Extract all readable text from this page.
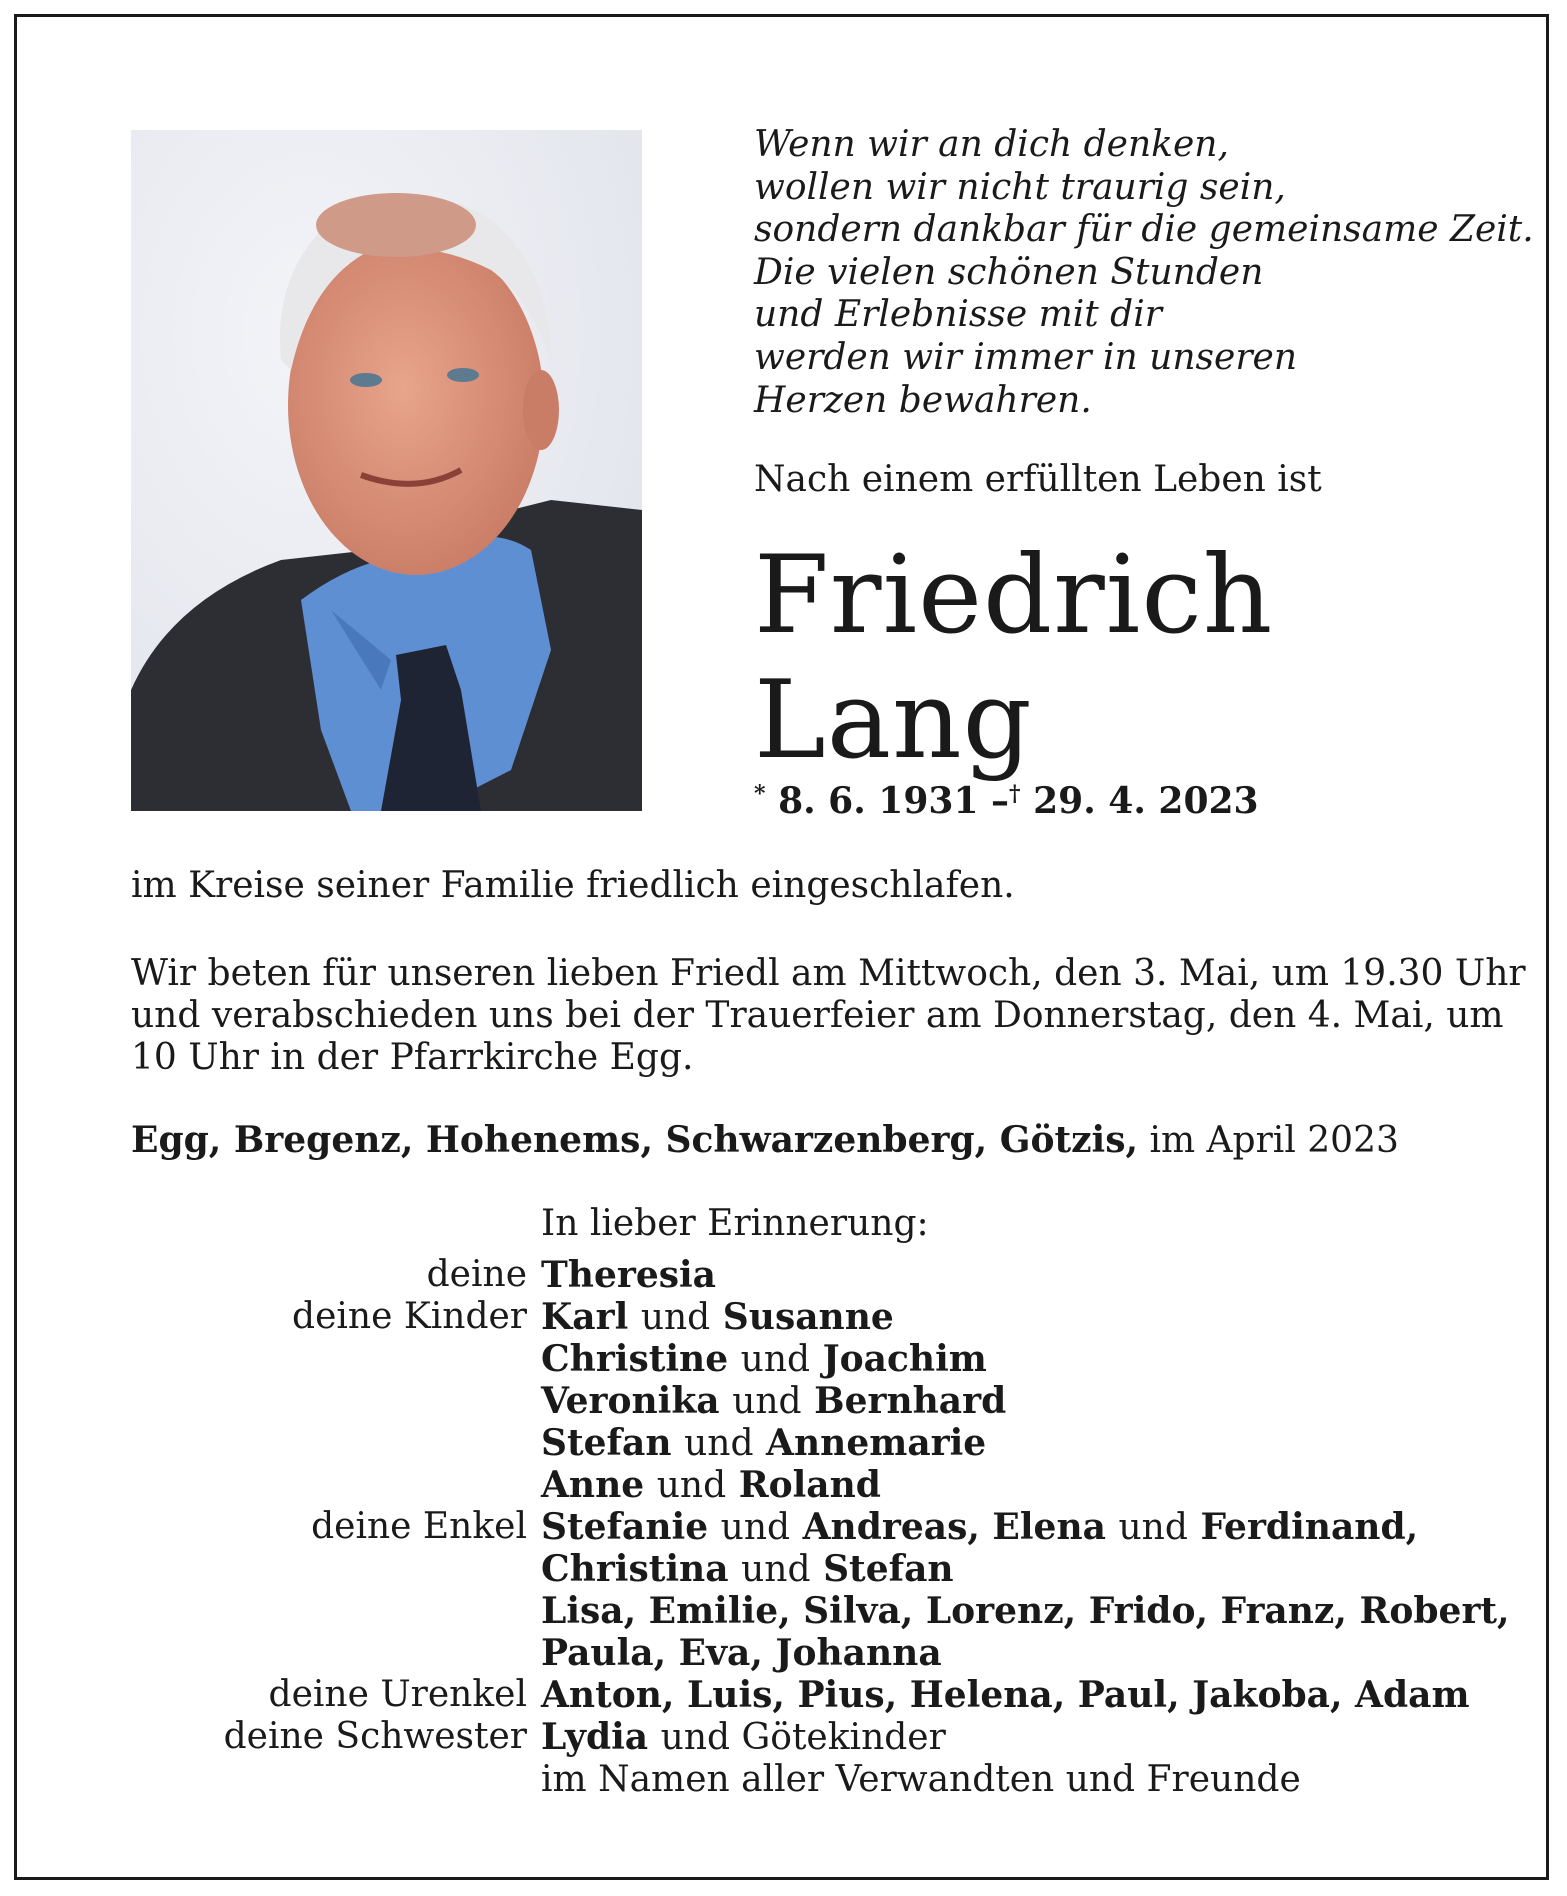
Wenn wir an dich denken,
wollen wir nicht traurig sein,
sondern dankbar für die gemeinsame Zeit.
Die vielen schönen Stunden
und Erlebnisse mit dir
werden wir immer in unseren
Herzen bewahren.
Nach einem erfüllten Leben ist
Friedrich
Lang
* 8. 6. 1931 –† 29. 4. 2023
im Kreise seiner Familie friedlich eingeschlafen.
Wir beten für unseren lieben Friedl am Mittwoch, den 3. Mai, um 19.30 Uhr
und verabschieden uns bei der Trauerfeier am Donnerstag, den 4. Mai, um
10 Uhr in der Pfarrkirche Egg.
Egg, Bregenz, Hohenems, Schwarzenberg, Götzis, im April 2023
In lieber Erinnerung:
deine Theresia
deine Kinder Karl und Susanne
Christine und Joachim
Veronika und Bernhard
Stefan und Annemarie
Anne und Roland
deine Enkel Stefanie und Andreas, Elena und Ferdinand,
Christina und Stefan
Lisa, Emilie, Silva, Lorenz, Frido, Franz, Robert,
Paula, Eva, Johanna
deine Urenkel Anton, Luis, Pius, Helena, Paul, Jakoba, Adam
deine Schwester Lydia und Götekinder
im Namen aller Verwandten und Freunde
